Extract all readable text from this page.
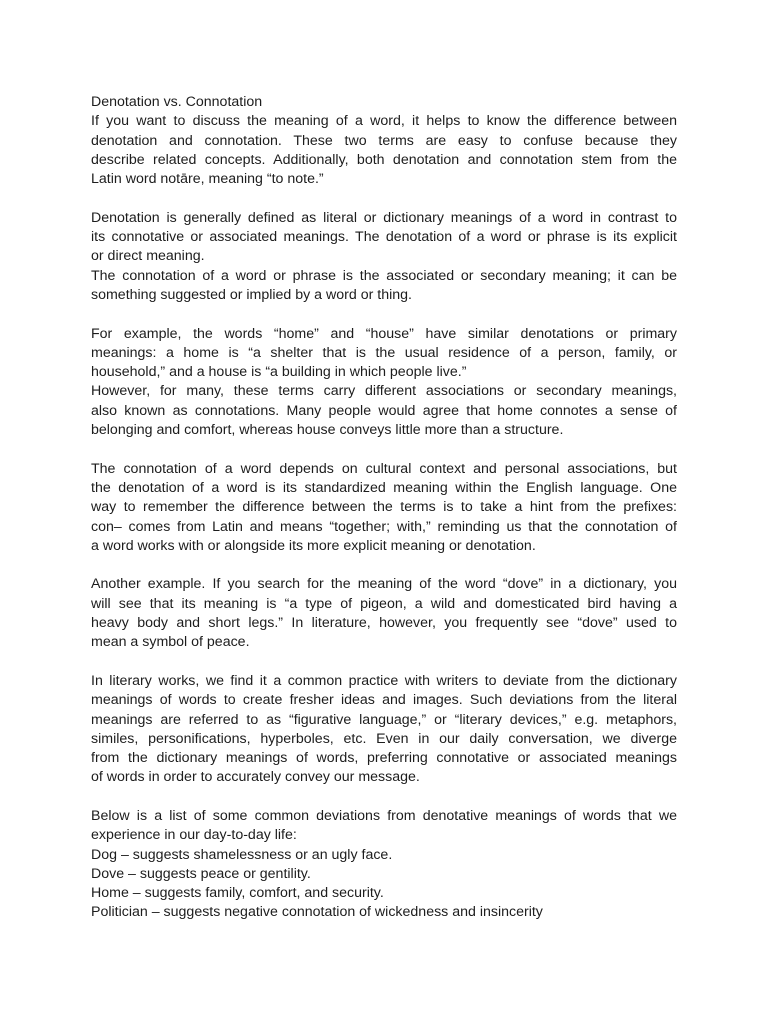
Denotation vs. Connotation
If you want to discuss the meaning of a word, it helps to know the difference between
denotation and connotation. These two terms are easy to confuse because they
describe related concepts. Additionally, both denotation and connotation stem from the
Latin word notāre, meaning “to note.”
Denotation is generally defined as literal or dictionary meanings of a word in contrast to
its connotative or associated meanings. The denotation of a word or phrase is its explicit
or direct meaning.
The connotation of a word or phrase is the associated or secondary meaning; it can be
something suggested or implied by a word or thing.
For example, the words “home” and “house” have similar denotations or primary
meanings: a home is “a shelter that is the usual residence of a person, family, or
household,” and a house is “a building in which people live.”
However, for many, these terms carry different associations or secondary meanings,
also known as connotations. Many people would agree that home connotes a sense of
belonging and comfort, whereas house conveys little more than a structure.
The connotation of a word depends on cultural context and personal associations, but
the denotation of a word is its standardized meaning within the English language. One
way to remember the difference between the terms is to take a hint from the prefixes:
con– comes from Latin and means “together; with,” reminding us that the connotation of
a word works with or alongside its more explicit meaning or denotation.
Another example. If you search for the meaning of the word “dove” in a dictionary, you
will see that its meaning is “a type of pigeon, a wild and domesticated bird having a
heavy body and short legs.” In literature, however, you frequently see “dove” used to
mean a symbol of peace.
In literary works, we find it a common practice with writers to deviate from the dictionary
meanings of words to create fresher ideas and images. Such deviations from the literal
meanings are referred to as “figurative language,” or “literary devices,” e.g. metaphors,
similes, personifications, hyperboles, etc. Even in our daily conversation, we diverge
from the dictionary meanings of words, preferring connotative or associated meanings
of words in order to accurately convey our message.
Below is a list of some common deviations from denotative meanings of words that we
experience in our day-to-day life:
Dog – suggests shamelessness or an ugly face.
Dove – suggests peace or gentility.
Home – suggests family, comfort, and security.
Politician – suggests negative connotation of wickedness and insincerity
